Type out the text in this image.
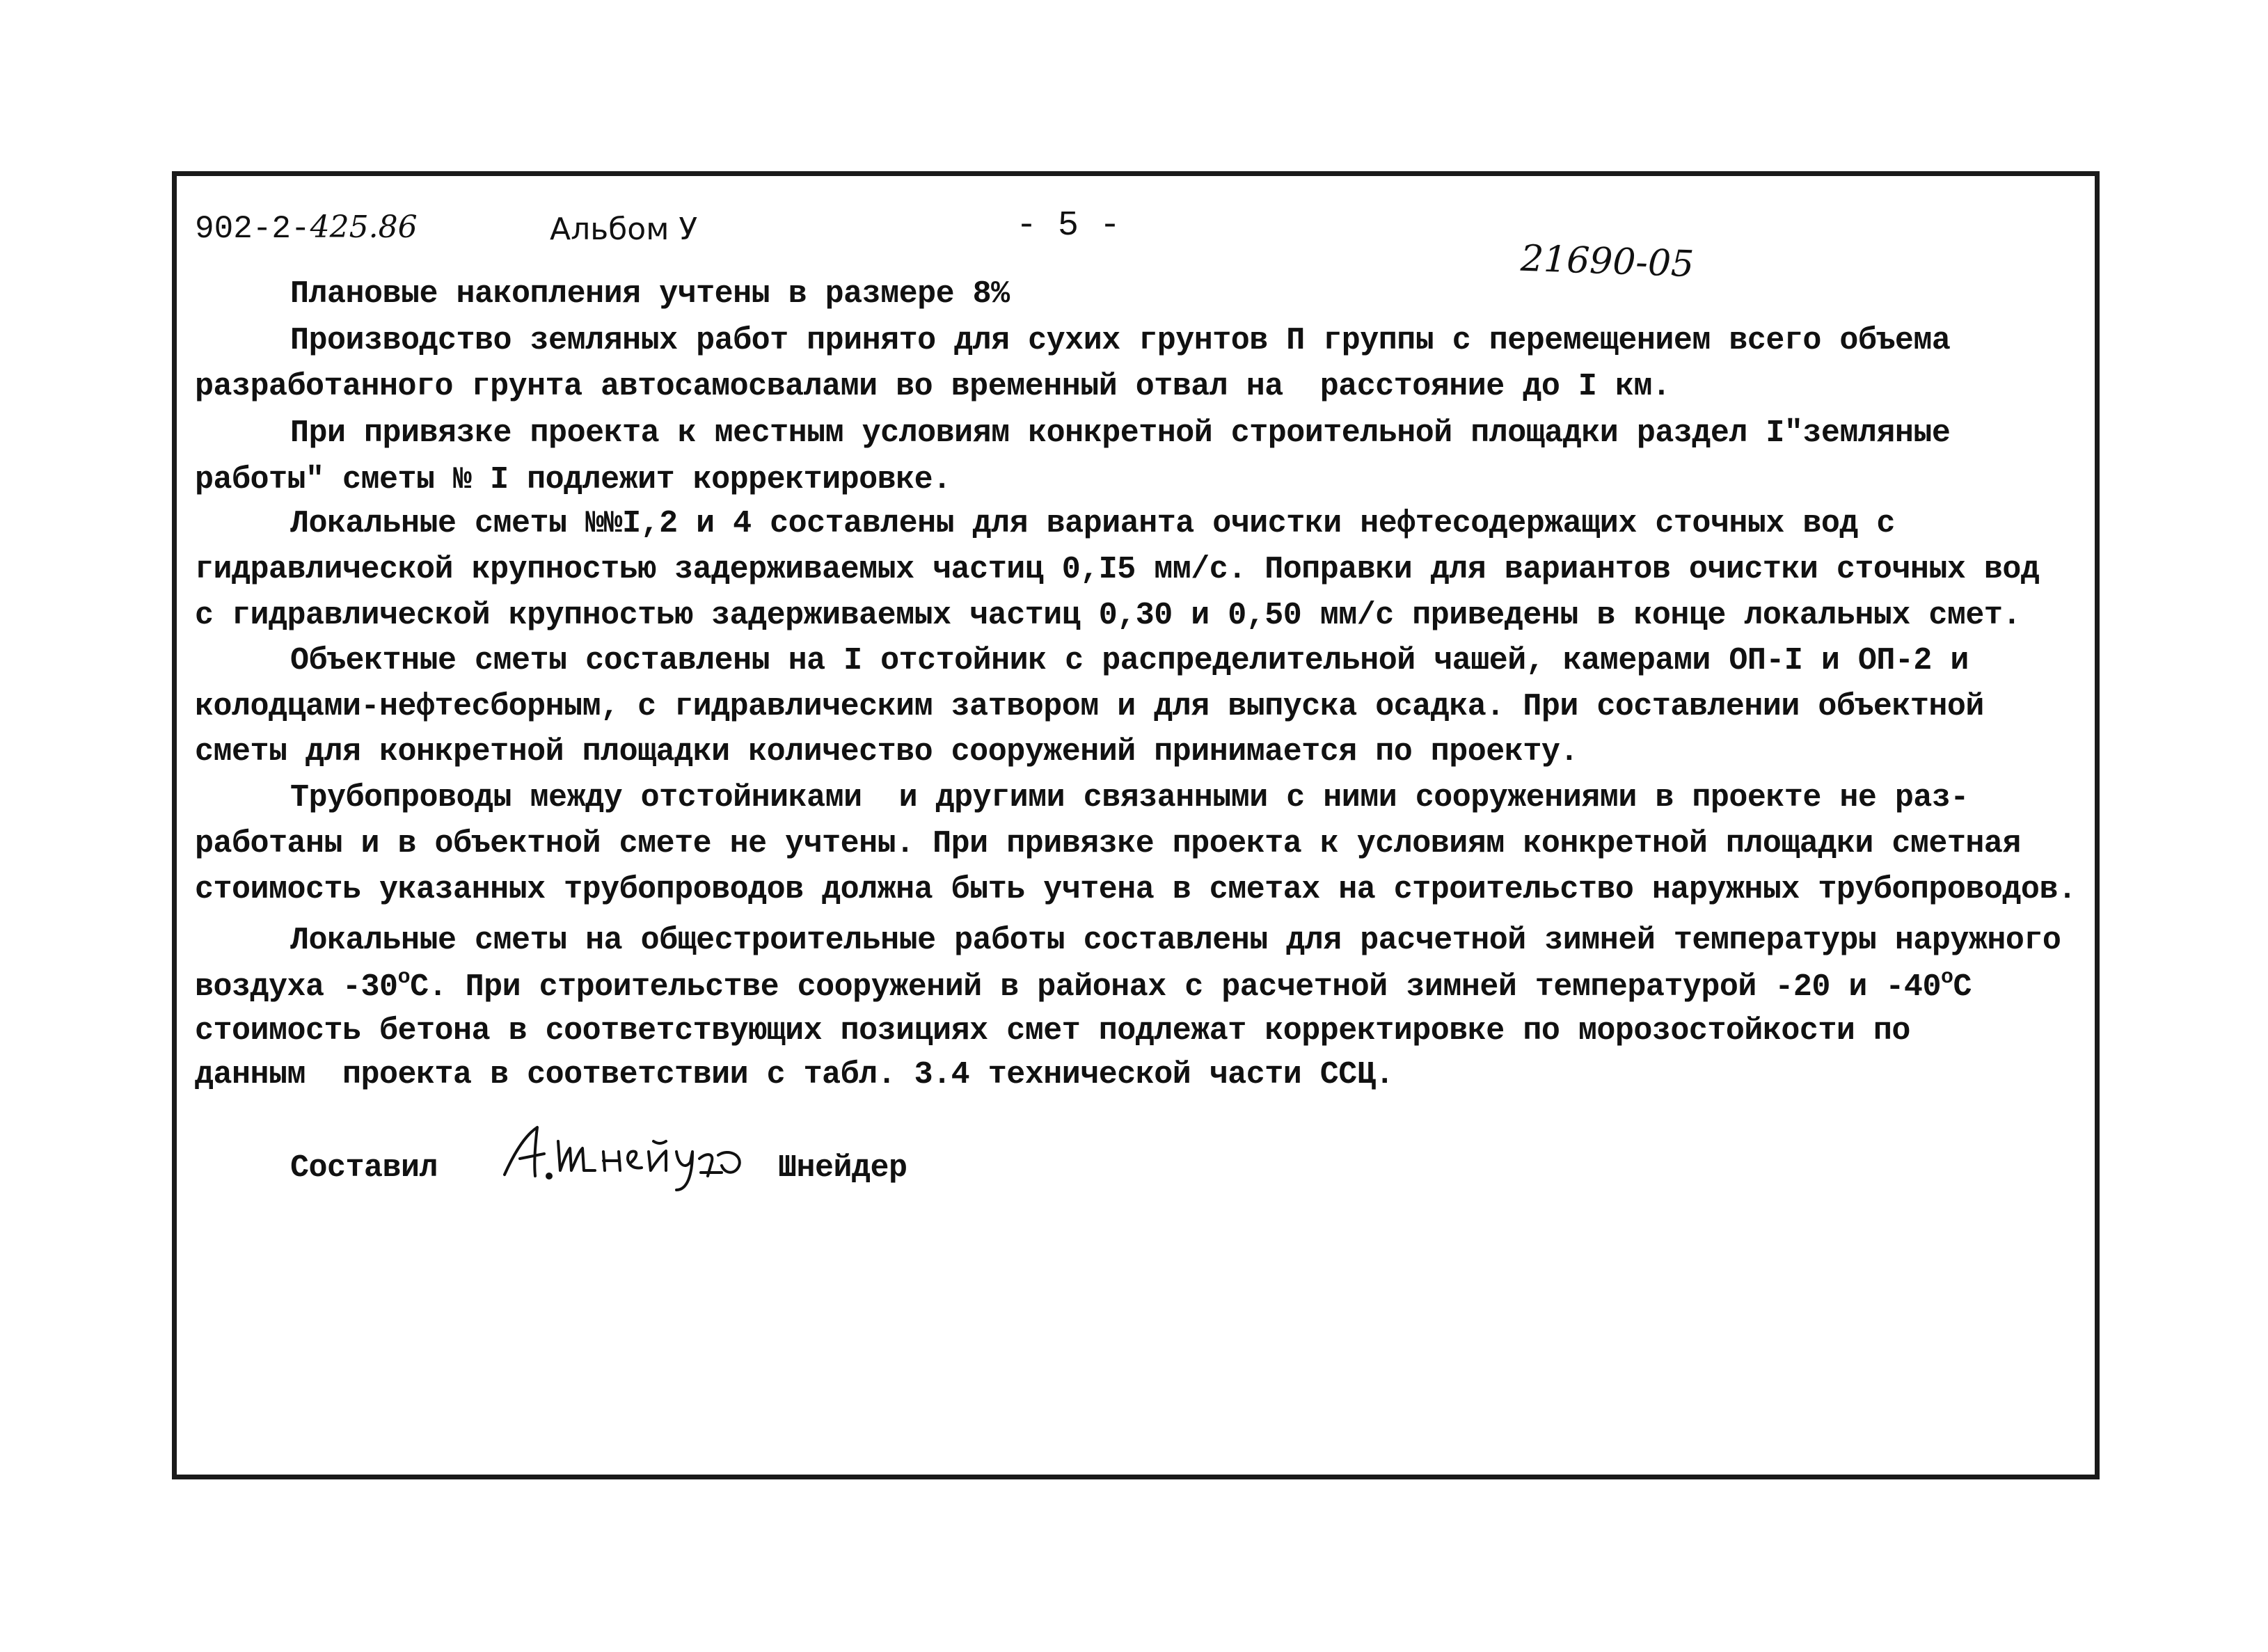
902-2-425.86	Альбом У	- 5 -
21690-05
Плановые накопления учтены в размере 8%
Производство земляных работ принято для сухих грунтов П группы с перемещением всего объема
разработанного грунта автосамосвалами во временный отвал на  расстояние до I км.
При привязке проекта к местным условиям конкретной строительной площадки раздел I"земляные
работы" сметы № I подлежит корректировке.
Локальные сметы №№I,2 и 4 составлены для варианта очистки нефтесодержащих сточных вод с
гидравлической крупностью задерживаемых частиц 0,I5 мм/с. Поправки для вариантов очистки сточных вод
с гидравлической крупностью задерживаемых частиц 0,30 и 0,50 мм/с приведены в конце локальных смет.
Объектные сметы составлены на I отстойник с распределительной чашей, камерами ОП-I и ОП-2 и
колодцами-нефтесборным, с гидравлическим затвором и для выпуска осадка. При составлении объектной
сметы для конкретной площадки количество сооружений принимается по проекту.
Трубопроводы между отстойниками  и другими связанными с ними сооружениями в проекте не раз-
работаны и в объектной смете не учтены. При привязке проекта к условиям конкретной площадки сметная
стоимость указанных трубопроводов должна быть учтена в сметах на строительство наружных трубопроводов.
Локальные сметы на общестроительные работы составлены для расчетной зимней температуры наружного
воздуха $-30^оС$. При строительстве сооружений в районах с расчетной зимней температурой -20 и $-40^оС$
стоимость бетона в соответствующих позициях смет подлежат корректировке по морозостойкости по
данным  проекта в соответствии с табл. 3.4 технической части ССЦ.
Составил	Шнейдер
